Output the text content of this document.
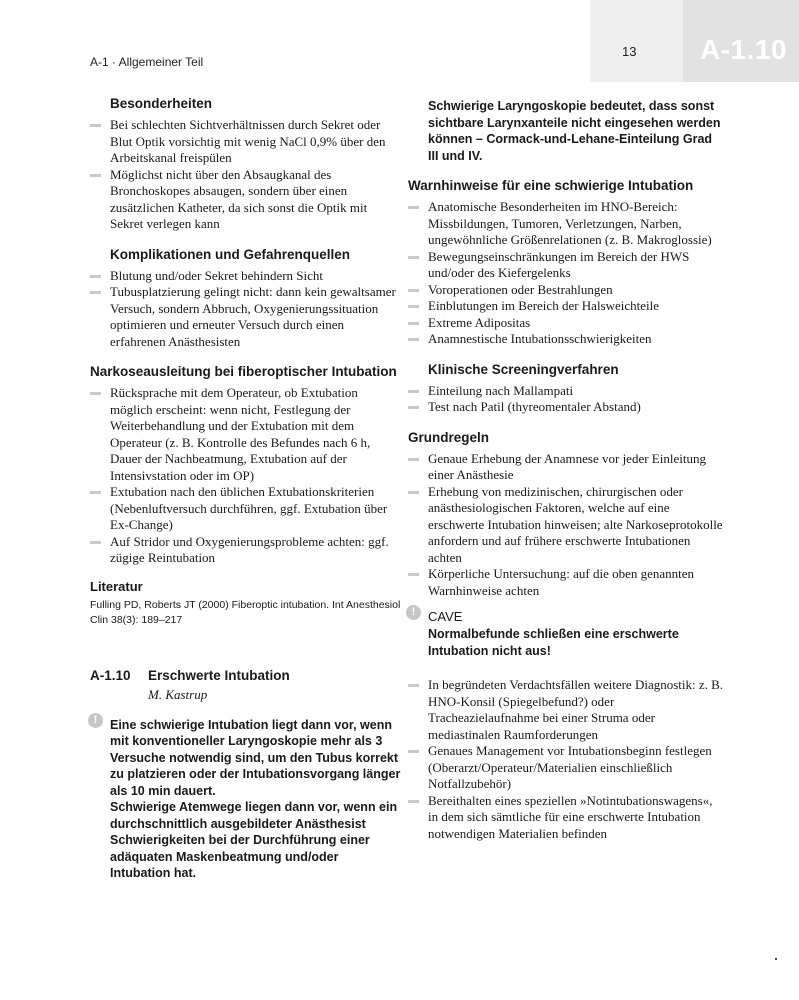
13 A-1.10
A-1 · Allgemeiner Teil
Besonderheiten
Bei schlechten Sichtverhältnissen durch Sekret oder Blut Optik vorsichtig mit wenig NaCl 0,9% über den Arbeitskanal freispülen
Möglichst nicht über den Absaugkanal des Bronchoskopes absaugen, sondern über einen zusätzlichen Katheter, da sich sonst die Optik mit Sekret verlegen kann
Komplikationen und Gefahrenquellen
Blutung und/oder Sekret behindern Sicht
Tubusplatzierung gelingt nicht: dann kein gewaltsamer Versuch, sondern Abbruch, Oxygenierungssituation optimieren und erneuter Versuch durch einen erfahrenen Anästhesisten
Narkoseausleitung bei fiberoptischer Intubation
Rücksprache mit dem Operateur, ob Extubation möglich erscheint: wenn nicht, Festlegung der Weiterbehandlung und der Extubation mit dem Operateur (z. B. Kontrolle des Befundes nach 6 h, Dauer der Nachbeatmung, Extubation auf der Intensivstation oder im OP)
Extubation nach den üblichen Extubationskriterien (Nebenluftversuch durchführen, ggf. Extubation über Ex-Change)
Auf Stridor und Oxygenierungsprobleme achten: ggf. zügige Reintubation
Literatur

Fulling PD, Roberts JT (2000) Fiberoptic intubation. Int Anesthesiol Clin 38(3): 189–217

A-1.10	Erschwerte Intubation
M. Kastrup
!	Eine schwierige Intubation liegt dann vor, wenn mit konventioneller Laryngoskopie mehr als 3 Versuche notwendig sind, um den Tubus korrekt zu platzieren oder der Intubationsvorgang länger als 10 min dauert.

Schwierige Atemwege liegen dann vor, wenn ein durchschnittlich ausgebildeter Anästhesist Schwierigkeiten bei der Durchführung einer adäquaten Maskenbeatmung und/oder Intubation hat.

Schwierige Laryngoskopie bedeutet, dass sonst sichtbare Larynxanteile nicht eingesehen werden können – Cormack-und-Lehane-Einteilung Grad III und IV.

Warnhinweise für eine schwierige Intubation
Anatomische Besonderheiten im HNO-Bereich: Missbildungen, Tumoren, Verletzungen, Narben, ungewöhnliche Größenrelationen (z. B. Makroglossie)
Bewegungseinschränkungen im Bereich der HWS und/oder des Kiefergelenks
Voroperationen oder Bestrahlungen
Einblutungen im Bereich der Halsweichteile
Extreme Adipositas
Anamnestische Intubationsschwierigkeiten
Klinische Screeningverfahren
Einteilung nach Mallampati
Test nach Patil (thyreomentaler Abstand)
Grundregeln
Genaue Erhebung der Anamnese vor jeder Einleitung einer Anästhesie
Erhebung von medizinischen, chirurgischen oder anästhesiologischen Faktoren, welche auf eine erschwerte Intubation hinweisen; alte Narkoseprotokolle anfordern und auf frühere erschwerte Intubationen achten
Körperliche Untersuchung: auf die oben genannten Warnhinweise achten
! CAVE

Normalbefunde schließen eine erschwerte Intubation nicht aus!

In begründeten Verdachtsfällen weitere Diagnostik: z. B. HNO-Konsil (Spiegelbefund?) oder Tracheazielaufnahme bei einer Struma oder mediastinalen Raumforderungen
Genaues Management vor Intubationsbeginn festlegen (Oberarzt/Operateur/Materialien einschließlich Notfallzubehör)
Bereithalten eines speziellen »Notintubationswagens«, in dem sich sämtliche für eine erschwerte Intubation notwendigen Materialien befinden
